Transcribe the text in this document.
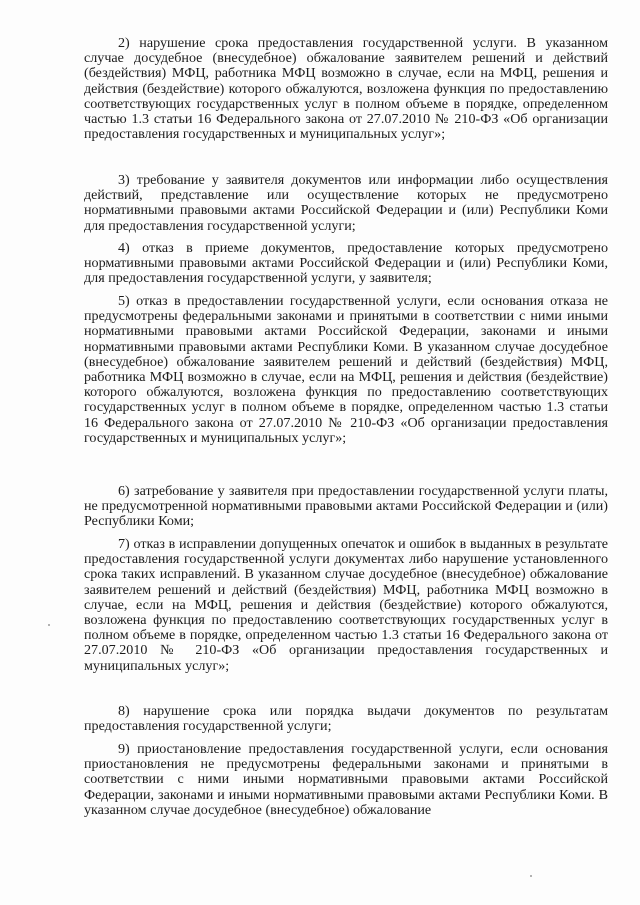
2) нарушение срока предоставления государственной услуги. В указанном случае досудебное (внесудебное) обжалование заявителем решений и действий (бездействия) МФЦ, работника МФЦ возможно в случае, если на МФЦ, решения и действия (бездействие) которого обжалуются, возложена функция по предоставлению соответствующих государственных услуг в полном объеме в порядке, определенном частью 1.3 статьи 16 Федерального закона от 27.07.2010 № 210-ФЗ «Об организации предоставления государственных и муниципальных услуг»;

3) требование у заявителя документов или информации либо осуществления действий, представление или осуществление которых не предусмотрено нормативными правовыми актами Российской Федерации и (или) Республики Коми для предоставления государственной услуги;

4) отказ в приеме документов, предоставление которых предусмотрено нормативными правовыми актами Российской Федерации и (или) Республики Коми, для предоставления государственной услуги, у заявителя;

5) отказ в предоставлении государственной услуги, если основания отказа не предусмотрены федеральными законами и принятыми в соответствии с ними иными нормативными правовыми актами Российской Федерации, законами и иными нормативными правовыми актами Республики Коми. В указанном случае досудебное (внесудебное) обжалование заявителем решений и действий (бездействия) МФЦ, работника МФЦ возможно в случае, если на МФЦ, решения и действия (бездействие) которого обжалуются, возложена функция по предоставлению соответствующих государственных услуг в полном объеме в порядке, определенном частью 1.3 статьи 16 Федерального закона от 27.07.2010 № 210-ФЗ «Об организации предоставления государственных и муниципальных услуг»;

6) затребование у заявителя при предоставлении государственной услуги платы, не предусмотренной нормативными правовыми актами Российской Федерации и (или) Республики Коми;

7) отказ в исправлении допущенных опечаток и ошибок в выданных в результате предоставления государственной услуги документах либо нарушение установленного срока таких исправлений. В указанном случае досудебное (внесудебное) обжалование заявителем решений и действий (бездействия) МФЦ, работника МФЦ возможно в случае, если на МФЦ, решения и действия (бездействие) которого обжалуются, возложена функция по предоставлению соответствующих государственных услуг в полном объеме в порядке, определенном частью 1.3 статьи 16 Федерального закона от 27.07.2010 № 210-ФЗ «Об организации предоставления государственных и муниципальных услуг»;

8) нарушение срока или порядка выдачи документов по результатам предоставления государственной услуги;

9) приостановление предоставления государственной услуги, если основания приостановления не предусмотрены федеральными законами и принятыми в соответствии с ними иными нормативными правовыми актами Российской Федерации, законами и иными нормативными правовыми актами Республики Коми. В указанном случае досудебное (внесудебное) обжалование
